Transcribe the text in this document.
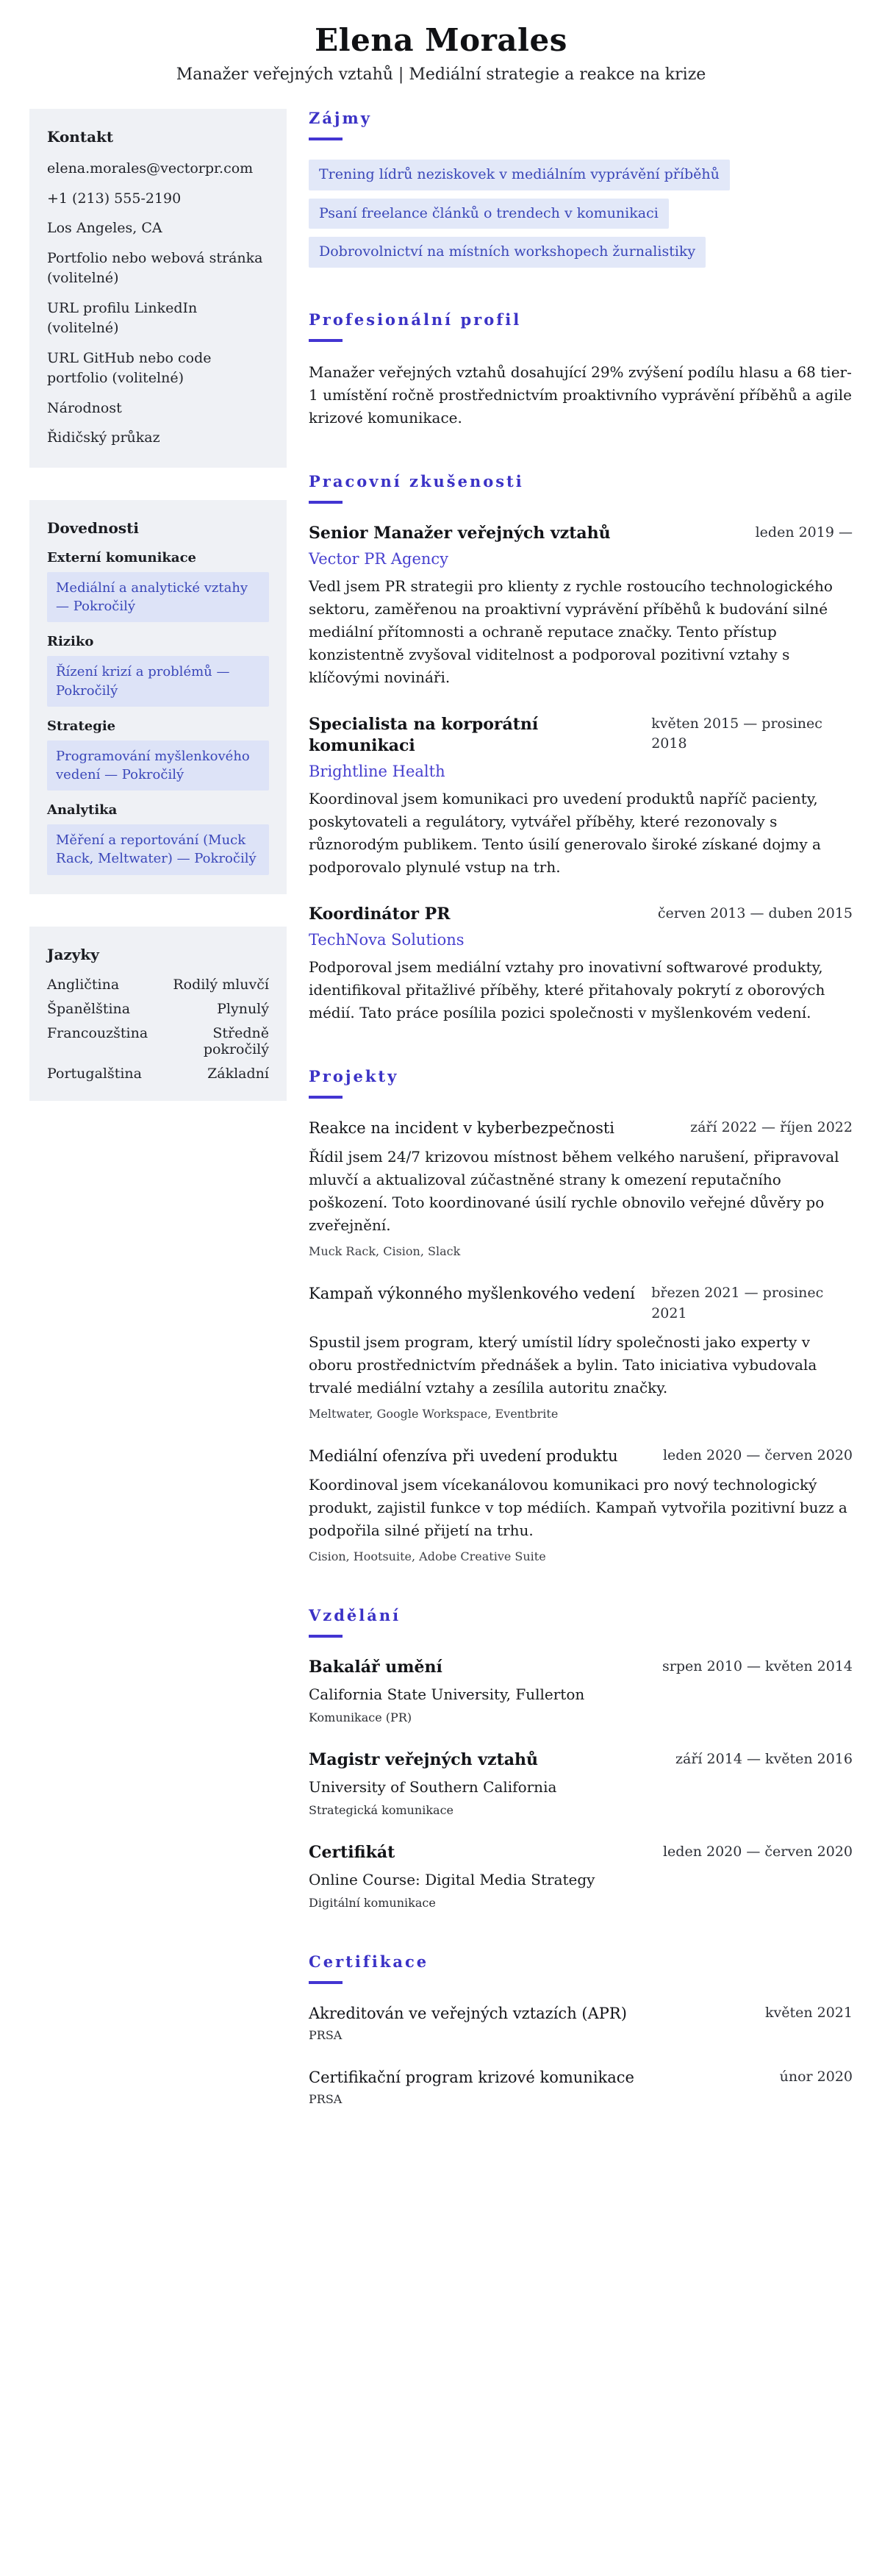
Elena Morales
Manažer veřejných vztahů | Mediální strategie a reakce na krize
Kontakt
elena.morales@vectorpr.com
+1 (213) 555-2190
Los Angeles, CA
Portfolio nebo webová stránka (volitelné)
URL profilu LinkedIn (volitelné)
URL GitHub nebo code portfolio (volitelné)
Národnost
Řidičský průkaz
Dovednosti
Externí komunikace
Mediální a analytické vztahy — Pokročilý
Riziko
Řízení krizí a problémů — Pokročilý
Strategie
Programování myšlenkového vedení — Pokročilý
Analytika
Měření a reportování (Muck Rack, Meltwater) — Pokročilý
Jazyky
Angličtina	Rodilý mluvčí
Španělština	Plynulý
Francouzština	Středně pokročilý
Portugalština	Základní
Zájmy
Trening lídrů neziskovek v mediálním vyprávění příběhů
Psaní freelance článků o trendech v komunikaci
Dobrovolnictví na místních workshopech žurnalistiky
Profesionální profil
Manažer veřejných vztahů dosahující 29% zvýšení podílu hlasu a 68 tier-1 umístění ročně prostřednictvím proaktivního vyprávění příběhů a agile krizové komunikace.
Pracovní zkušenosti
Senior Manažer veřejných vztahů	leden 2019 —
Vector PR Agency
Vedl jsem PR strategii pro klienty z rychle rostoucího technologického sektoru, zaměřenou na proaktivní vyprávění příběhů k budování silné mediální přítomnosti a ochraně reputace značky. Tento přístup konzistentně zvyšoval viditelnost a podporoval pozitivní vztahy s klíčovými novináři.
Specialista na korporátní komunikaci
květen 2015 — prosinec 2018
Brightline Health
Koordinoval jsem komunikaci pro uvedení produktů napříč pacienty, poskytovateli a regulátory, vytvářel příběhy, které rezonovaly s různorodým publikem. Tento úsilí generovalo široké získané dojmy a podporovalo plynulé vstup na trh.
Koordinátor PR	červen 2013 — duben 2015
TechNova Solutions
Podporoval jsem mediální vztahy pro inovativní softwarové produkty, identifikoval přitažlivé příběhy, které přitahovaly pokrytí z oborových médií. Tato práce posílila pozici společnosti v myšlenkovém vedení.
Projekty
Reakce na incident v kyberbezpečnosti	září 2022 — říjen 2022
Řídil jsem 24/7 krizovou místnost během velkého narušení, připravoval mluvčí a aktualizoval zúčastněné strany k omezení reputačního poškození. Toto koordinované úsilí rychle obnovilo veřejné důvěry po zveřejnění.
Muck Rack, Cision, Slack
Kampaň výkonného myšlenkového vedení březen 2021 — prosinec 2021
Spustil jsem program, který umístil lídry společnosti jako experty v oboru prostřednictvím přednášek a bylin. Tato iniciativa vybudovala trvalé mediální vztahy a zesílila autoritu značky.
Meltwater, Google Workspace, Eventbrite
Mediální ofenzíva při uvedení produktu	leden 2020 — červen 2020
Koordinoval jsem vícekanálovou komunikaci pro nový technologický produkt, zajistil funkce v top médiích. Kampaň vytvořila pozitivní buzz a podpořila silné přijetí na trhu.
Cision, Hootsuite, Adobe Creative Suite
Vzdělání
Bakalář umění	srpen 2010 — květen 2014
California State University, Fullerton
Komunikace (PR)
Magistr veřejných vztahů	září 2014 — květen 2016
University of Southern California
Strategická komunikace
Certifikát	leden 2020 — červen 2020
Online Course: Digital Media Strategy
Digitální komunikace
Certifikace
Akreditován ve veřejných vztazích (APR)	květen 2021
PRSA
Certifikační program krizové komunikace	únor 2020
PRSA
